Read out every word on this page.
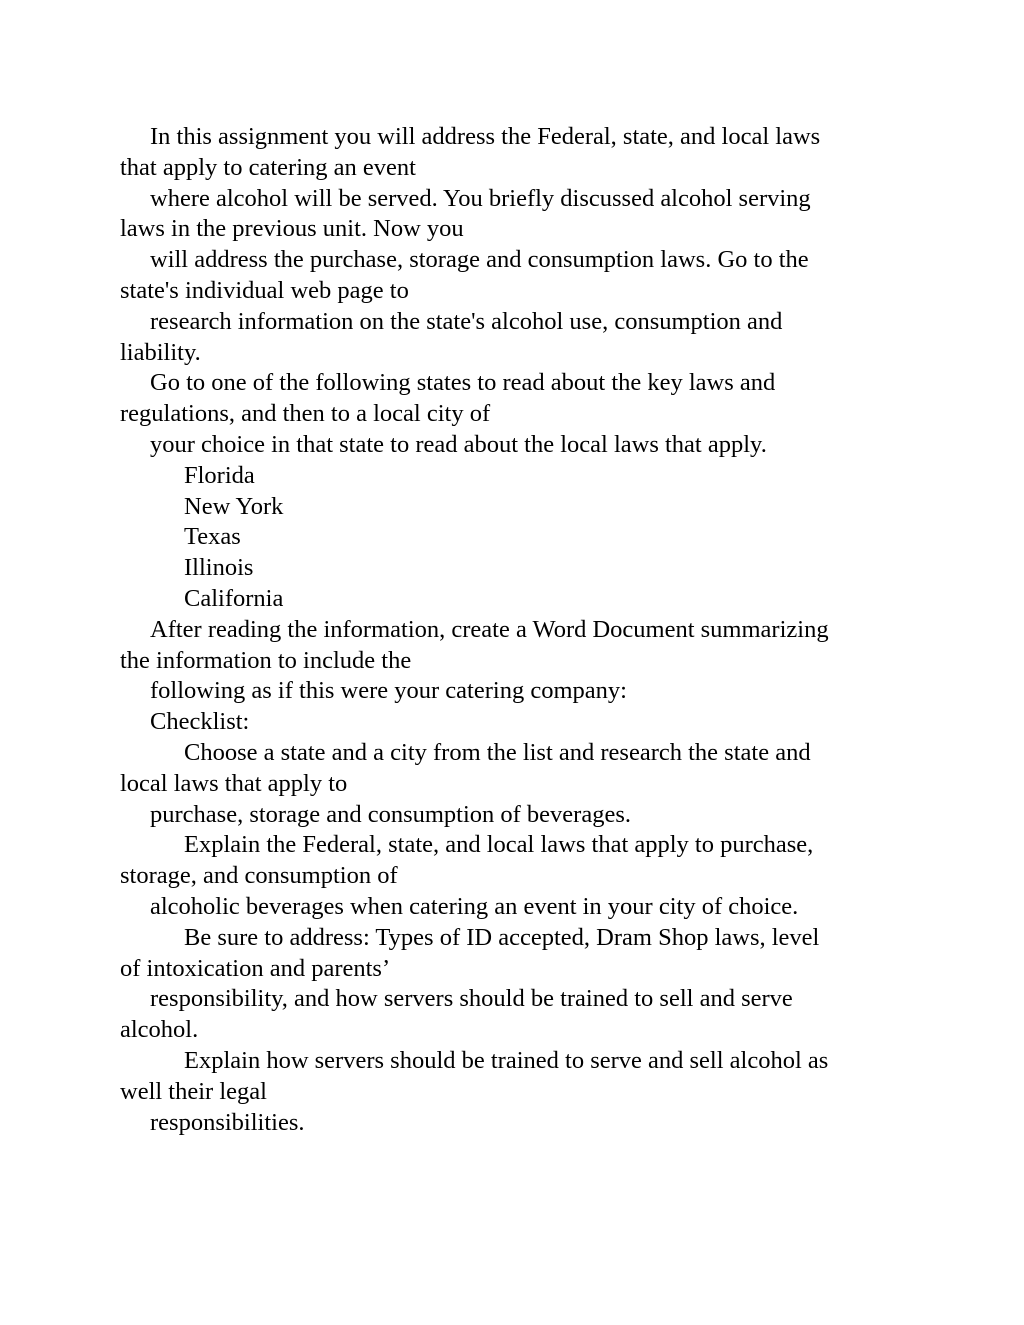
In this assignment you will address the Federal, state, and local laws
that apply to catering an event
where alcohol will be served. You briefly discussed alcohol serving
laws in the previous unit. Now you
will address the purchase, storage and consumption laws. Go to the
state's individual web page to
research information on the state's alcohol use, consumption and
liability.
Go to one of the following states to read about the key laws and
regulations, and then to a local city of
your choice in that state to read about the local laws that apply.
Florida
New York
Texas
Illinois
California
After reading the information, create a Word Document summarizing
the information to include the
following as if this were your catering company:
Checklist:
Choose a state and a city from the list and research the state and
local laws that apply to
purchase, storage and consumption of beverages.
Explain the Federal, state, and local laws that apply to purchase,
storage, and consumption of
alcoholic beverages when catering an event in your city of choice.
Be sure to address: Types of ID accepted, Dram Shop laws, level
of intoxication and parents’
responsibility, and how servers should be trained to sell and serve
alcohol.
Explain how servers should be trained to serve and sell alcohol as
well their legal
responsibilities.
